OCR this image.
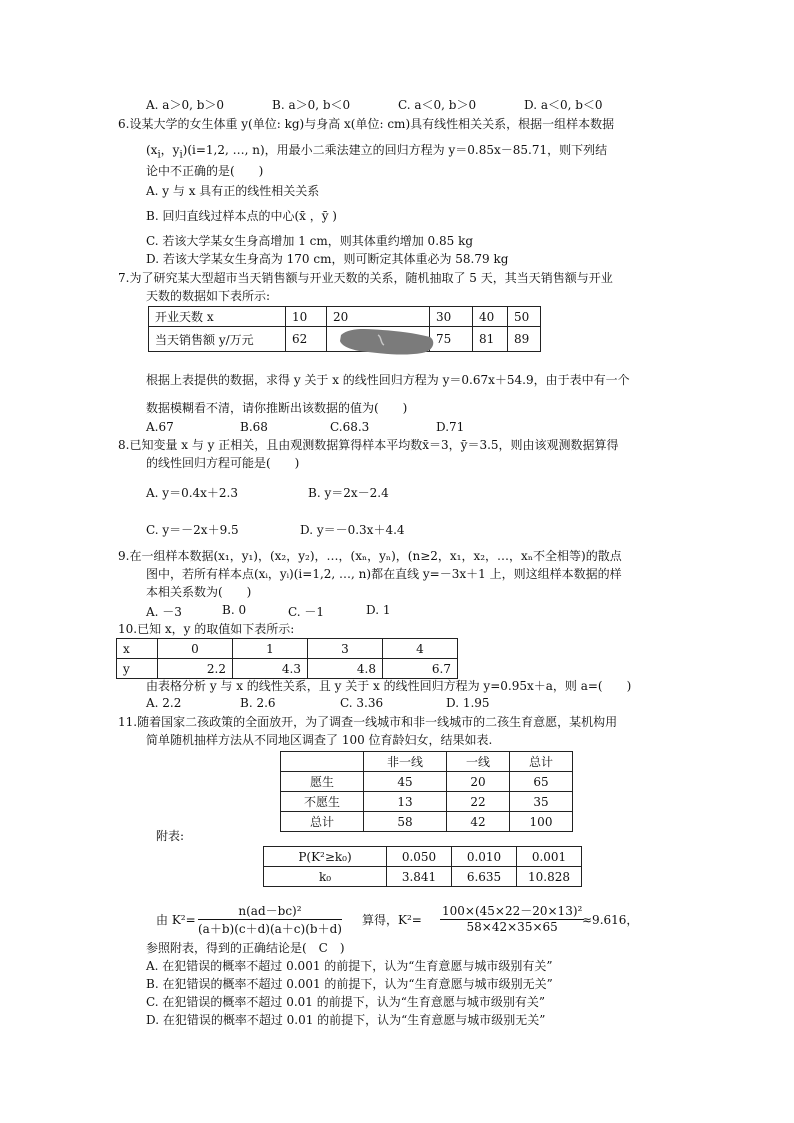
A. a＞0, b＞0	B. a＞0, b＜0	C. a＜0, b＞0	D. a＜0, b＜0
6.设某大学的女生体重 y(单位: kg)与身高 x(单位: cm)具有线性相关关系，根据一组样本数据
($x_i$，$y_i)(i=1,2$, …, n)，用最小二乘法建立的回归方程为 y＝0.85x－85.71，则下列结
论中不正确的是(　　)
A. y 与 x 具有正的线性相关关系
B. 回归直线过样本点的中心(x̄ ，ȳ )
C. 若该大学某女生身高增加 1 cm，则其体重约增加 0.85 kg
D. 若该大学某女生身高为 170 cm，则可断定其体重必为 58.79 kg
7.为了研究某大型超市当天销售额与开业天数的关系，随机抽取了 5 天，其当天销售额与开业
天数的数据如下表所示:
开业天数 x	10	20	30	40	50
当天销售额 y/万元	62		75	81	89
根据上表提供的数据，求得 y 关于 x 的线性回归方程为 y＝0.67x＋54.9，由于表中有一个
数据模糊看不清，请你推断出该数据的值为(　　)
A.67	B.68	C.68.3	D.71
8.已知变量 x 与 y 正相关，且由观测数据算得样本平均数x̄＝3，ȳ＝3.5，则由该观测数据算得
的线性回归方程可能是(　　)
A. y＝0.4x＋2.3	B. y＝2x－2.4
C. y＝－2x＋9.5	D. y＝－0.3x＋4.4
9.在一组样本数据(x₁，y₁)，(x₂，y₂)，…，(xₙ，yₙ)，(n≥2，x₁，x₂，…，xₙ不全相等)的散点
图中，若所有样本点(xᵢ，yᵢ)(i=1,2, …, n)都在直线 y=－3x＋1 上，则这组样本数据的样
本相关系数为(　　)
A. －3	B. 0	C. －1	D. 1
10.已知 x，y 的取值如下表所示:
x	0	1	3	4
y	2.2	4.3	4.8	6.7
由表格分析 y 与 x 的线性关系，且 y 关于 x 的线性回归方程为 y=0.95x＋a，则 a=(　　)
A. 2.2	B. 2.6	C. 3.36	D. 1.95
11.随着国家二孩政策的全面放开，为了调查一线城市和非一线城市的二孩生育意愿，某机构用
简单随机抽样方法从不同地区调查了 100 位育龄妇女，结果如表.
	非一线	一线	总计
愿生	45	20	65
不愿生	13	22	35
总计	58	42	100
附表:
P(K²≥k₀)	0.050	0.010	0.001
k₀	3.841	6.635	10.828
由 $K^2= \frac{\text{n(ad－bc)²}}{(a+b)(c+d)(a+c)(b+d)}$ 算得，$K^2= \frac{\text{100×(45×22－20×13)²}}{58\times 42\times 35\times 65}$
≈9.616，
参照附表，得到的正确结论是(　C　)
A. 在犯错误的概率不超过 0.001 的前提下，认为“生育意愿与城市级别有关”
B. 在犯错误的概率不超过 0.001 的前提下，认为“生育意愿与城市级别无关”
C. 在犯错误的概率不超过 0.01 的前提下，认为“生育意愿与城市级别有关”
D. 在犯错误的概率不超过 0.01 的前提下，认为“生育意愿与城市级别无关”
